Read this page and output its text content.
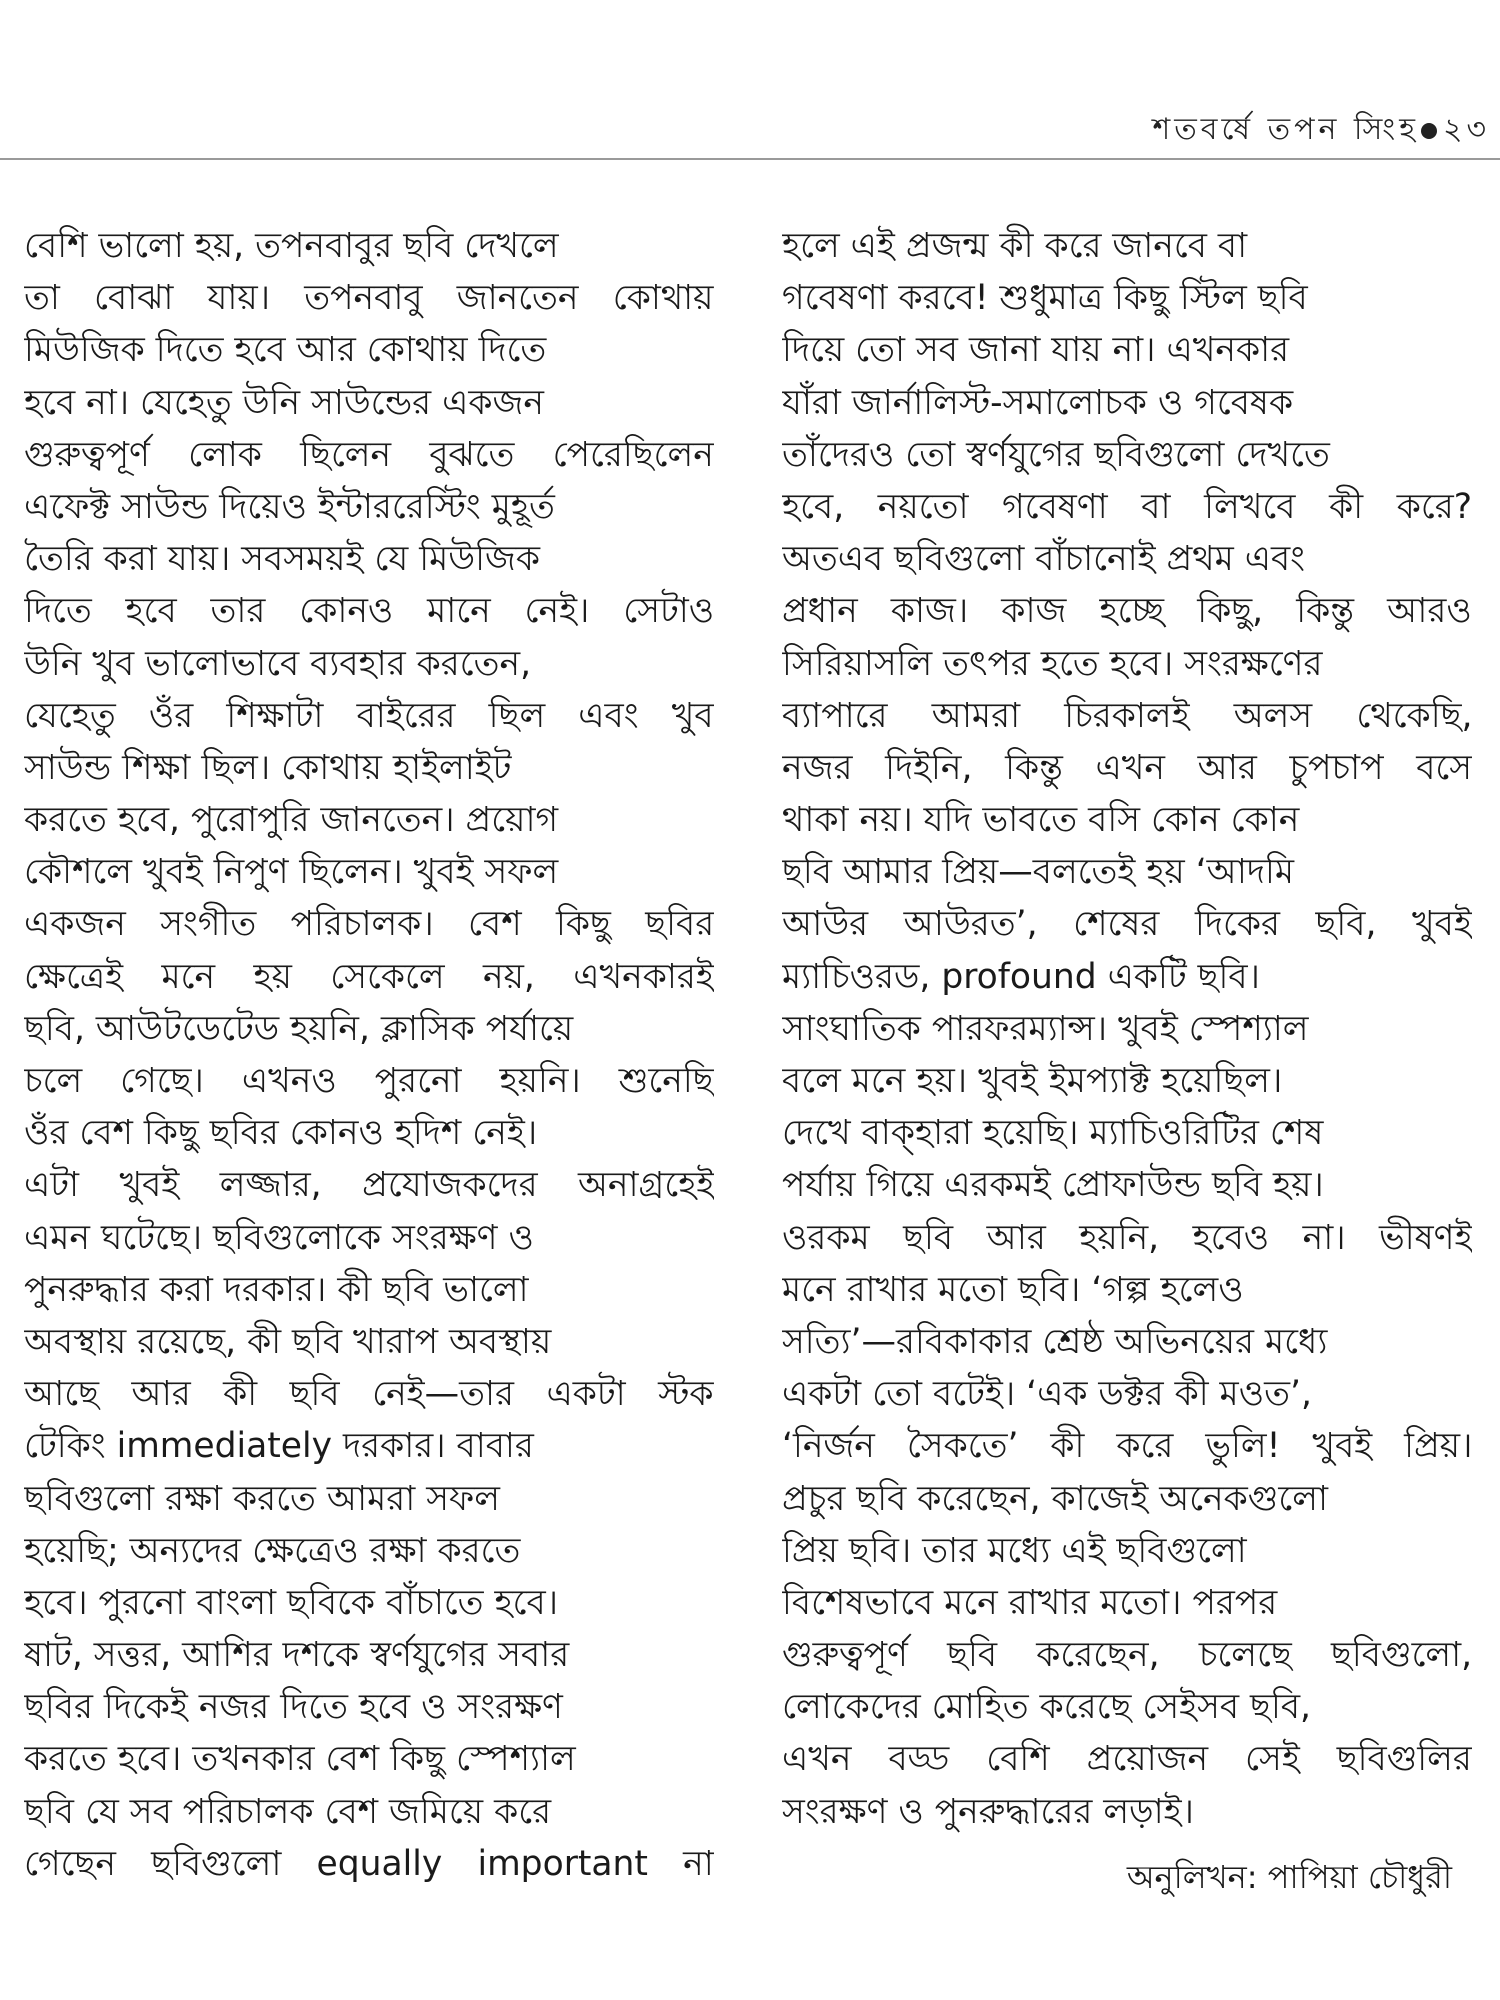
শতবর্ষে তপন সিংহ ২৩
বেশি ভালো হয়, তপনবাবুর ছবি দেখলে
তা বোঝা যায়। তপনবাবু জানতেন কোথায়
মিউজিক দিতে হবে আর কোথায় দিতে
হবে না। যেহেতু উনি সাউন্ডের একজন
গুরুত্বপূর্ণ লোক ছিলেন বুঝতে পেরেছিলেন
এফেক্ট সাউন্ড দিয়েও ইন্টাররেস্টিং মুহূর্ত
তৈরি করা যায়। সবসময়ই যে মিউজিক
দিতে হবে তার কোনও মানে নেই। সেটাও
উনি খুব ভালোভাবে ব্যবহার করতেন,
যেহেতু ওঁর শিক্ষাটা বাইরের ছিল এবং খুব
সাউন্ড শিক্ষা ছিল। কোথায় হাইলাইট
করতে হবে, পুরোপুরি জানতেন। প্রয়োগ
কৌশলে খুবই নিপুণ ছিলেন। খুবই সফল
একজন সংগীত পরিচালক। বেশ কিছু ছবির
ক্ষেত্রেই মনে হয় সেকেলে নয়, এখনকারই
ছবি, আউটডেটেড হয়নি, ক্লাসিক পর্যায়ে
চলে গেছে। এখনও পুরনো হয়নি। শুনেছি
ওঁর বেশ কিছু ছবির কোনও হদিশ নেই।
এটা খুবই লজ্জার, প্রযোজকদের অনাগ্রহেই
এমন ঘটেছে। ছবিগুলোকে সংরক্ষণ ও
পুনরুদ্ধার করা দরকার। কী ছবি ভালো
অবস্থায় রয়েছে, কী ছবি খারাপ অবস্থায়
আছে আর কী ছবি নেই—তার একটা স্টক
টেকিং immediately দরকার। বাবার
ছবিগুলো রক্ষা করতে আমরা সফল
হয়েছি; অন্যদের ক্ষেত্রেও রক্ষা করতে
হবে। পুরনো বাংলা ছবিকে বাঁচাতে হবে।
ষাট, সত্তর, আশির দশকে স্বর্ণযুগের সবার
ছবির দিকেই নজর দিতে হবে ও সংরক্ষণ
করতে হবে। তখনকার বেশ কিছু স্পেশ্যাল
ছবি যে সব পরিচালক বেশ জমিয়ে করে
গেছেন ছবিগুলো equally important না
হলে এই প্রজন্ম কী করে জানবে বা
গবেষণা করবে! শুধুমাত্র কিছু স্টিল ছবি
দিয়ে তো সব জানা যায় না। এখনকার
যাঁরা জার্নালিস্ট-সমালোচক ও গবেষক
তাঁদেরও তো স্বর্ণযুগের ছবিগুলো দেখতে
হবে, নয়তো গবেষণা বা লিখবে কী করে?
অতএব ছবিগুলো বাঁচানোই প্রথম এবং
প্রধান কাজ। কাজ হচ্ছে কিছু, কিন্তু আরও
সিরিয়াসলি তৎপর হতে হবে। সংরক্ষণের
ব্যাপারে আমরা চিরকালই অলস থেকেছি,
নজর দিইনি, কিন্তু এখন আর চুপচাপ বসে
থাকা নয়। যদি ভাবতে বসি কোন কোন
ছবি আমার প্রিয়—বলতেই হয় ‘আদমি
আউর আউরত’, শেষের দিকের ছবি, খুবই
ম্যাচিওরড, profound একটি ছবি।
সাংঘাতিক পারফরম্যান্স। খুবই স্পেশ্যাল
বলে মনে হয়। খুবই ইমপ্যাক্ট হয়েছিল।
দেখে বাক্‌হারা হয়েছি। ম্যাচিওরিটির শেষ
পর্যায় গিয়ে এরকমই প্রোফাউন্ড ছবি হয়।
ওরকম ছবি আর হয়নি, হবেও না। ভীষণই
মনে রাখার মতো ছবি। ‘গল্প হলেও
সত্যি’—রবিকাকার শ্রেষ্ঠ অভিনয়ের মধ্যে
একটা তো বটেই। ‘এক ডক্টর কী মওত’,
‘নির্জন সৈকতে’ কী করে ভুলি! খুবই প্রিয়।
প্রচুর ছবি করেছেন, কাজেই অনেকগুলো
প্রিয় ছবি। তার মধ্যে এই ছবিগুলো
বিশেষভাবে মনে রাখার মতো। পরপর
গুরুত্বপূর্ণ ছবি করেছেন, চলেছে ছবিগুলো,
লোকেদের মোহিত করেছে সেইসব ছবি,
এখন বড্ড বেশি প্রয়োজন সেই ছবিগুলির
সংরক্ষণ ও পুনরুদ্ধারের লড়াই।
অনুলিখন: পাপিয়া চৌধুরী
